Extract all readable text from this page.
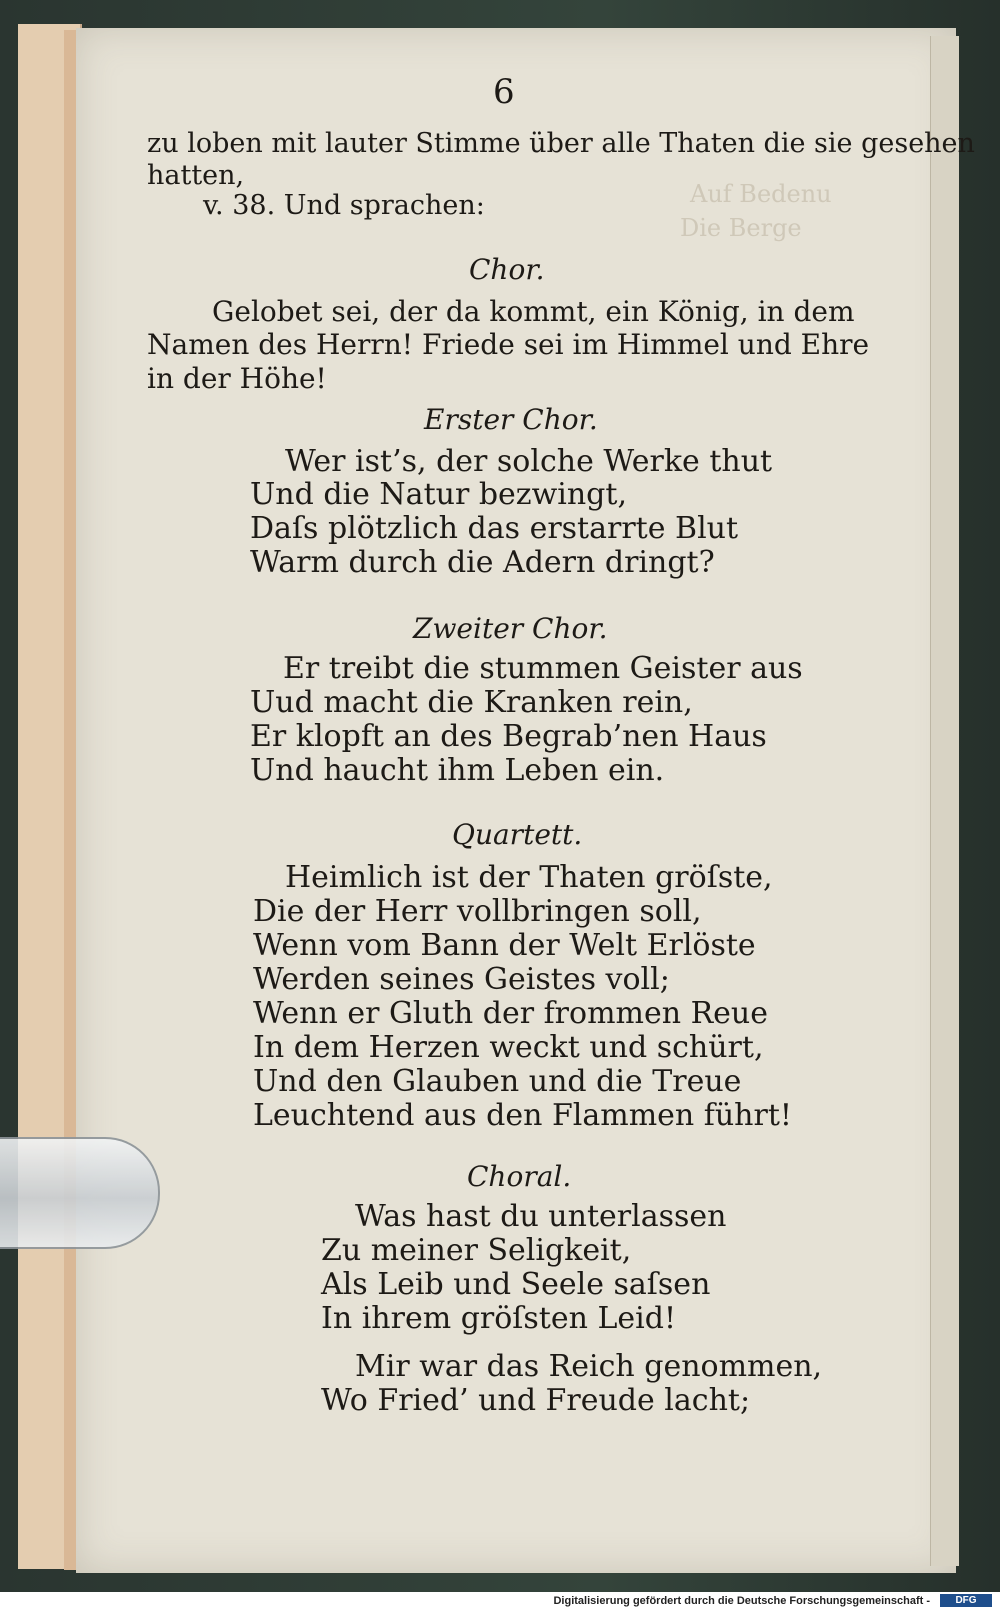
Auf Bedenu
Die Berge
6
zu loben mit lauter Stimme über alle Thaten die sie gesehen
hatten,
v. 38. Und sprachen:
Chor.
Gelobet sei, der da kommt, ein König, in dem
Namen des Herrn! Friede sei im Himmel und Ehre
in der Höhe!
Erster Chor.
Wer ist’s, der solche Werke thut
Und die Natur bezwingt,
Daſs plötzlich das erstarrte Blut
Warm durch die Adern dringt?
Zweiter Chor.
Er treibt die stummen Geister aus
Uud macht die Kranken rein,
Er klopft an des Begrab’nen Haus
Und haucht ihm Leben ein.
Quartett.
Heimlich ist der Thaten gröſste,
Die der Herr vollbringen soll,
Wenn vom Bann der Welt Erlöste
Werden seines Geistes voll;
Wenn er Gluth der frommen Reue
In dem Herzen weckt und schürt,
Und den Glauben und die Treue
Leuchtend aus den Flammen führt!
Choral.
Was hast du unterlassen
Zu meiner Seligkeit,
Als Leib und Seele saſsen
In ihrem gröſsten Leid!
Mir war das Reich genommen,
Wo Fried’ und Freude lacht;
Digitalisierung gefördert durch die Deutsche Forschungsgemeinschaft -	DFG
